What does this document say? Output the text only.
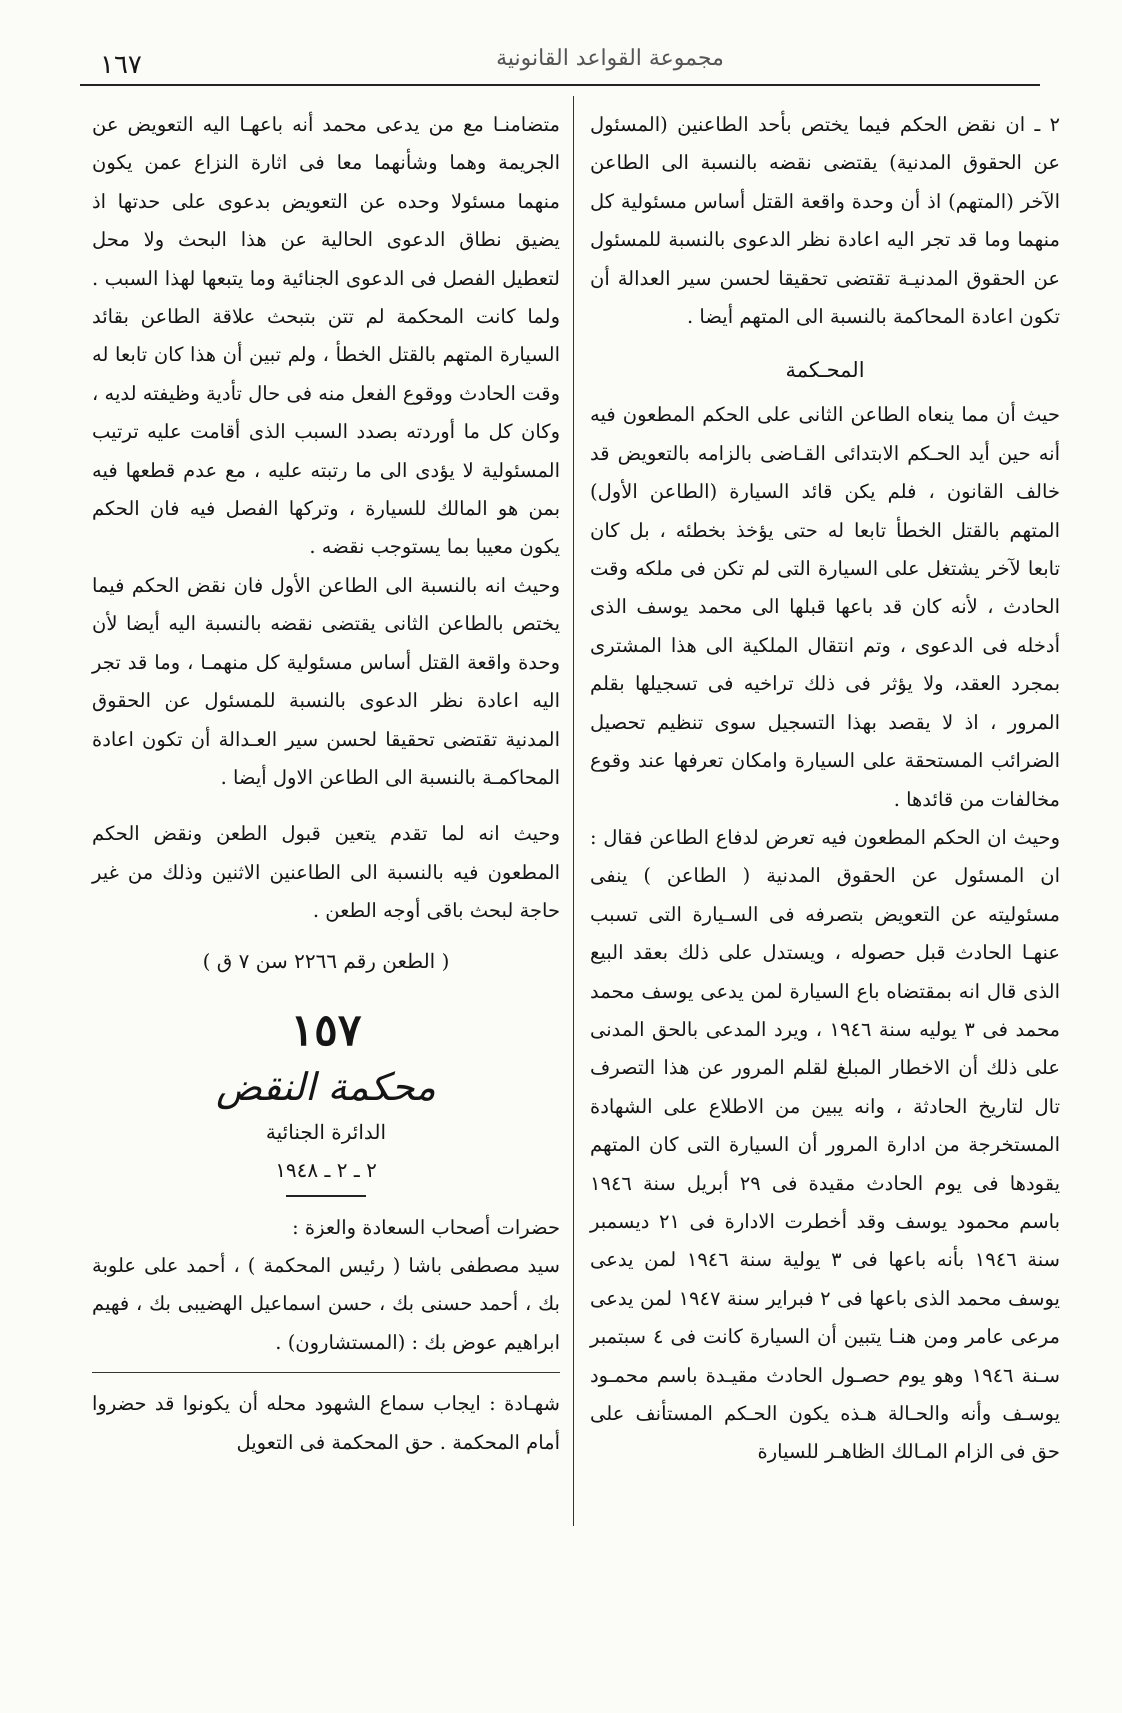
١٦٧	مجموعة القواعد القانونية

٢ ـ ان نقض الحكم فيما يختص بأحد الطاعنين (المسئول عن الحقوق المدنية) يقتضى نقضه بالنسبة الى الطاعن الآخر (المتهم) اذ أن وحدة واقعة القتل أساس مسئولية كل منهما وما قد تجر اليه اعادة نظر الدعوى بالنسبة للمسئول عن الحقوق المدنيـة تقتضى تحقيقا لحسن سير العدالة أن تكون اعادة المحاكمة بالنسبة الى المتهم أيضا .

المحـكمة

حيث أن مما ينعاه الطاعن الثانى على الحكم المطعون فيه أنه حين أيد الحـكم الابتدائى القـاضى بالزامه بالتعويض قد خالف القانون ، فلم يكن قائد السيارة (الطاعن الأول) المتهم بالقتل الخطأ تابعا له حتى يؤخذ بخطئه ، بل كان تابعا لآخر يشتغل على السيارة التى لم تكن فى ملكه وقت الحادث ، لأنه كان قد باعها قبلها الى محمد يوسف الذى أدخله فى الدعوى ، وتم انتقال الملكية الى هذا المشترى بمجرد العقد، ولا يؤثر فى ذلك تراخيه فى تسجيلها بقلم المرور ، اذ لا يقصد بهذا التسجيل سوى تنظيم تحصيل الضرائب المستحقة على السيارة وامكان تعرفها عند وقوع مخالفات من قائدها .

وحيث ان الحكم المطعون فيه تعرض لدفاع الطاعن فقال : ان المسئول عن الحقوق المدنية ( الطاعن ) ينفى مسئوليته عن التعويض بتصرفه فى السـيارة التى تسبب عنهـا الحادث قبل حصوله ، ويستدل على ذلك بعقد البيع الذى قال انه بمقتضاه باع السيارة لمن يدعى يوسف محمد محمد فى ٣ يوليه سنة ١٩٤٦ ، ويرد المدعى بالحق المدنى على ذلك أن الاخطار المبلغ لقلم المرور عن هذا التصرف تال لتاريخ الحادثة ، وانه يبين من الاطلاع على الشهادة المستخرجة من ادارة المرور أن السيارة التى كان المتهم يقودها فى يوم الحادث مقيدة فى ٢٩ أبريل سنة ١٩٤٦ باسم محمود يوسف وقد أخطرت الادارة فى ٢١ ديسمبر سنة ١٩٤٦ بأنه باعها فى ٣ يولية سنة ١٩٤٦ لمن يدعى يوسف محمد الذى باعها فى ٢ فبراير سنة ١٩٤٧ لمن يدعى مرعى عامر ومن هنـا يتبين أن السيارة كانت فى ٤ سبتمبر سـنة ١٩٤٦ وهو يوم حصـول الحادث مقيـدة باسم محمـود يوسـف وأنه والحـالة هـذه يكون الحـكم المستأنف على حق فى الزام المـالك الظاهـر للسيارة

متضامنـا مع من يدعى محمد أنه باعهـا اليه التعويض عن الجريمة وهما وشأنهما معا فى اثارة النزاع عمن يكون منهما مسئولا وحده عن التعويض بدعوى على حدتها اذ يضيق نطاق الدعوى الحالية عن هذا البحث ولا محل لتعطيل الفصل فى الدعوى الجنائية وما يتبعها لهذا السبب . ولما كانت المحكمة لم تتن بتبحث علاقة الطاعن بقائد السيارة المتهم بالقتل الخطأ ، ولم تبين أن هذا كان تابعا له وقت الحادث ووقوع الفعل منه فى حال تأدية وظيفته لديه ، وكان كل ما أوردته بصدد السبب الذى أقامت عليه ترتيب المسئولية لا يؤدى الى ما رتبته عليه ، مع عدم قطعها فيه بمن هو المالك للسيارة ، وتركها الفصل فيه فان الحكم يكون معيبا بما يستوجب نقضه .

وحيث انه بالنسبة الى الطاعن الأول فان نقض الحكم فيما يختص بالطاعن الثانى يقتضى نقضه بالنسبة اليه أيضا لأن وحدة واقعة القتل أساس مسئولية كل منهمـا ، وما قد تجر اليه اعادة نظر الدعوى بالنسبة للمسئول عن الحقوق المدنية تقتضى تحقيقا لحسن سير العـدالة أن تكون اعادة المحاكمـة بالنسبة الى الطاعن الاول أيضا .

وحيث انه لما تقدم يتعين قبول الطعن ونقض الحكم المطعون فيه بالنسبة الى الطاعنين الاثنين وذلك من غير حاجة لبحث باقى أوجه الطعن .

( الطعن رقم ٢٢٦٦ سن ٧ ق )
١٥٧
محكمة النقض
الدائرة الجنائية
٢ ـ ٢ ـ ١٩٤٨

حضرات أصحاب السعادة والعزة :

سيد مصطفى باشا ( رئيس المحكمة ) ، أحمد على علوبة بك ، أحمد حسنى بك ، حسن اسماعيل الهضيبى بك ، فهيم ابراهيم عوض بك : (المستشارون) .

شهـادة : ايجاب سماع الشهود محله أن يكونوا قد حضروا أمام المحكمة . حق المحكمة فى التعويل
